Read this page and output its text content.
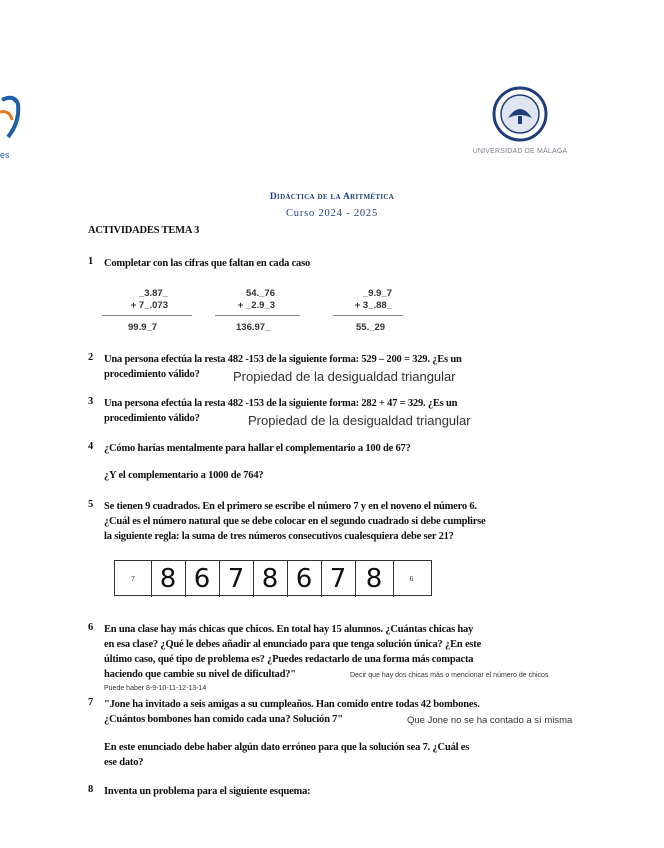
es	UNIVERSIDAD DE MÁLAGA
Didáctica de la Aritmética
Curso 2024 - 2025
ACTIVIDADES TEMA 3
1 Completar con las cifras que faltan en cada caso
_3.87_
+ 7_.073
99.9_7
54._76
+ _2.9_3
136.97_
_9.9_7
+ 3_.88_
55._29
2 Una persona efectúa la resta 482 -153 de la siguiente forma: 529 – 200 = 329. ¿Es un
procedimiento válido?	Propiedad de la desigualdad triangular
3 Una persona efectúa la resta 482 -153 de la siguiente forma: 282 + 47 = 329. ¿Es un
procedimiento válido?	Propiedad de la desigualdad triangular
4 ¿Cómo harías mentalmente para hallar el complementario a 100 de 67?
¿Y el complementario a 1000 de 764?
5 Se tienen 9 cuadrados. En el primero se escribe el número 7 y en el noveno el número 6.
¿Cuál es el número natural que se debe colocar en el segundo cuadrado si debe cumplirse
la siguiente regla: la suma de tres números consecutivos cualesquiera debe ser 21?
7 8 6 7 8 6 7 8	6
6 En una clase hay más chicas que chicos. En total hay 15 alumnos. ¿Cuántas chicas hay
en esa clase? ¿Qué le debes añadir al enunciado para que tenga solución única? ¿En este
último caso, qué tipo de problema es? ¿Puedes redactarlo de una forma más compacta
haciendo que cambie su nivel de dificultad?"	Decir que hay dos chicas más o mencionar el número de chicos
Puede haber 8-9-10-11-12-13-14
7 "Jone ha invitado a seis amigas a su cumpleaños. Han comido entre todas 42 bombones.
¿Cuántos bombones han comido cada una? Solución 7"	Que Jone no se ha contado a sí misma
En este enunciado debe haber algún dato erróneo para que la solución sea 7. ¿Cuál es
ese dato?
8 Inventa un problema para el siguiente esquema:
